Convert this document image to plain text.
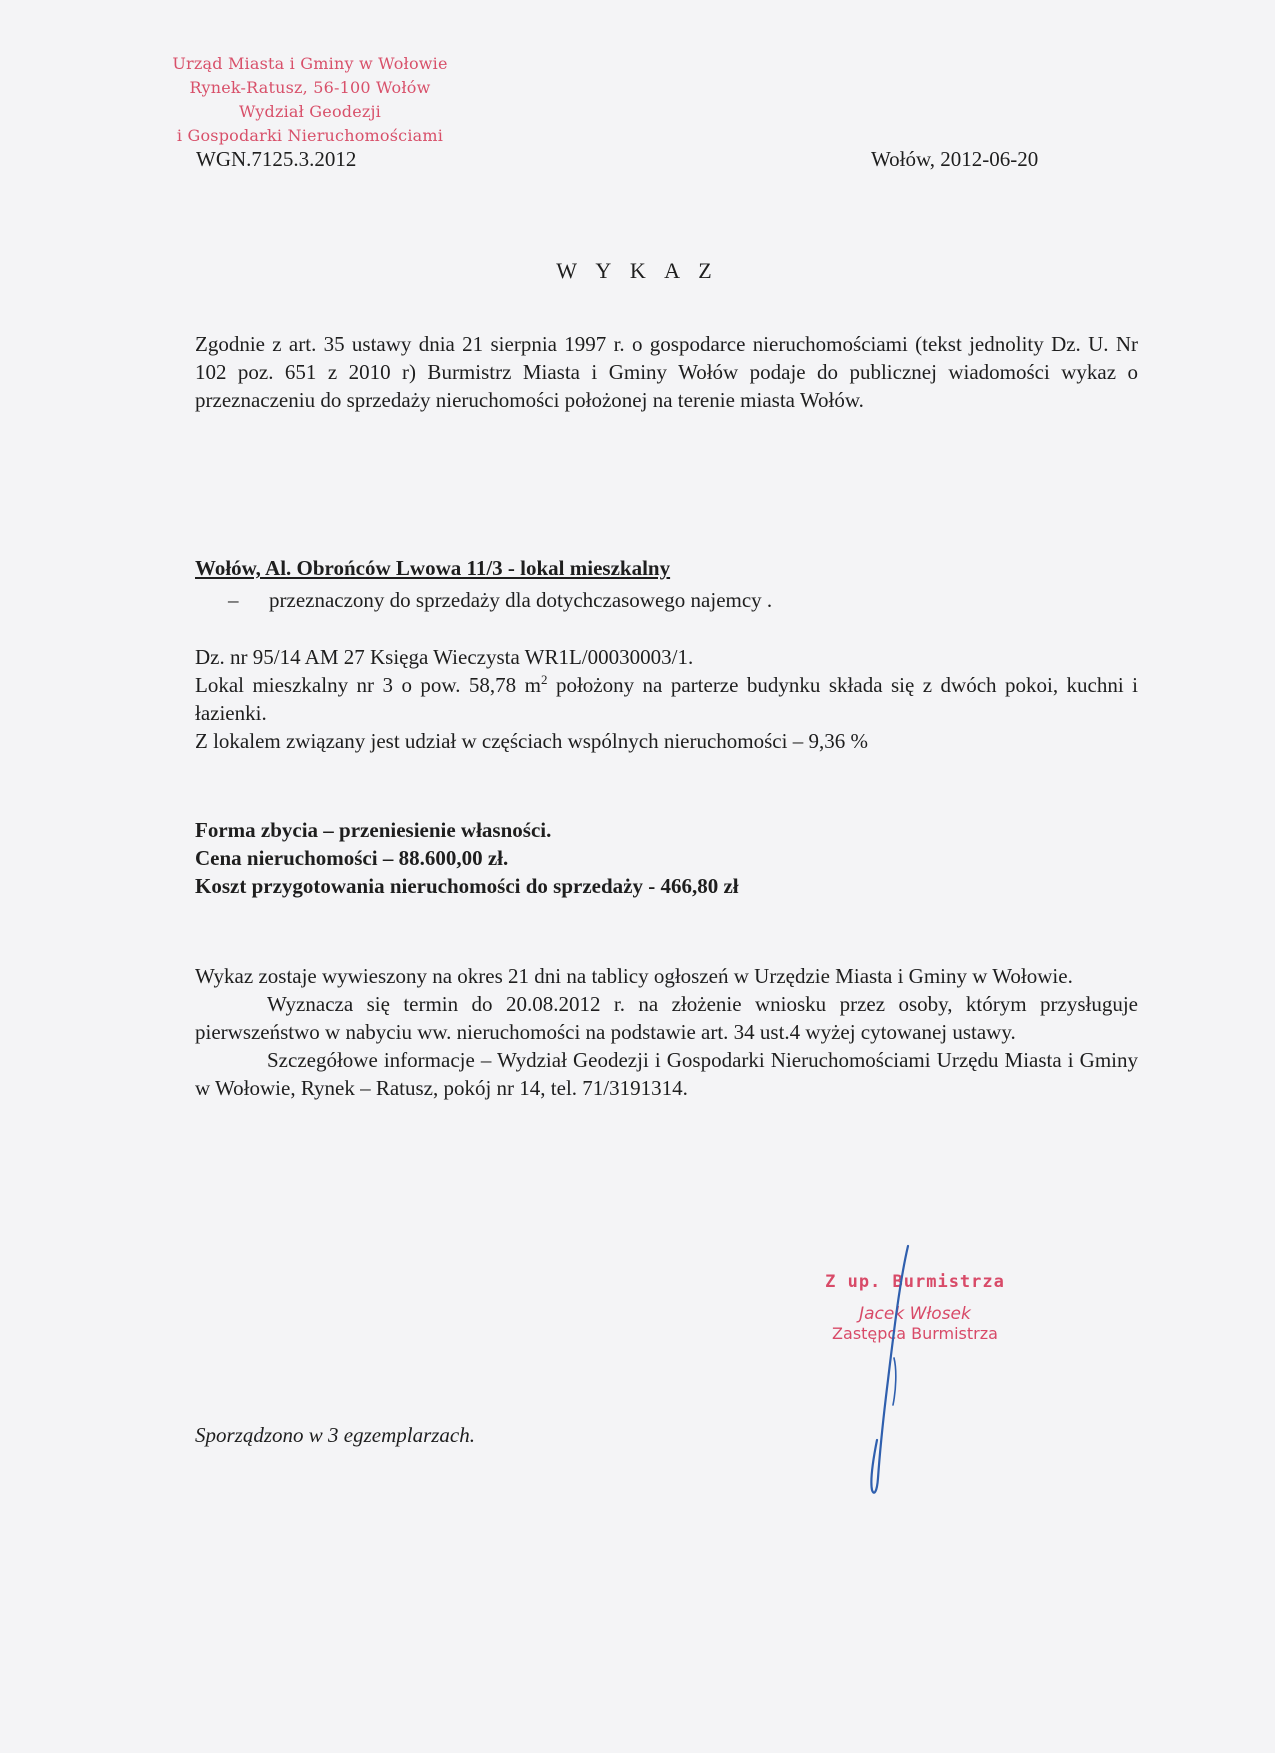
Urząd Miasta i Gminy w Wołowie
Rynek-Ratusz, 56-100 Wołów
Wydział Geodezji
i Gospodarki Nieruchomościami
WGN.7125.3.2012	Wołów, 2012-06-20
W Y K A Z
Zgodnie z art. 35 ustawy dnia 21 sierpnia 1997 r. o gospodarce nieruchomościami (tekst jednolity Dz. U. Nr 102 poz. 651 z 2010 r) Burmistrz Miasta i Gminy Wołów podaje do publicznej wiadomości wykaz o przeznaczeniu do sprzedaży nieruchomości położonej na terenie miasta Wołów.
Wołów, Al. Obrońców Lwowa 11/3 - lokal mieszkalny
– przeznaczony do sprzedaży dla dotychczasowego najemcy .

Dz. nr 95/14 AM 27 Księga Wieczysta WR1L/00030003/1.

Lokal mieszkalny nr 3 o pow. 58,78 $m^2$ położony na parterze budynku składa się z dwóch pokoi, kuchni i łazienki.

Z lokalem związany jest udział w częściach wspólnych nieruchomości – 9,36 %

Forma zbycia – przeniesienie własności.
Cena nieruchomości – 88.600,00 zł.
Koszt przygotowania nieruchomości do sprzedaży - 466,80 zł

Wykaz zostaje wywieszony na okres 21 dni na tablicy ogłoszeń w Urzędzie Miasta i Gminy w Wołowie.

Wyznacza się termin do 20.08.2012 r. na złożenie wniosku przez osoby, którym przysługuje pierwszeństwo w nabyciu ww. nieruchomości na podstawie art. 34 ust.4 wyżej cytowanej ustawy.

Szczegółowe informacje – Wydział Geodezji i Gospodarki Nieruchomościami Urzędu Miasta i Gminy w Wołowie, Rynek – Ratusz, pokój nr 14, tel. 71/3191314.

Z up. Burmistrza
Jacek Włosek
Zastępca Burmistrza
Sporządzono w 3 egzemplarzach.
